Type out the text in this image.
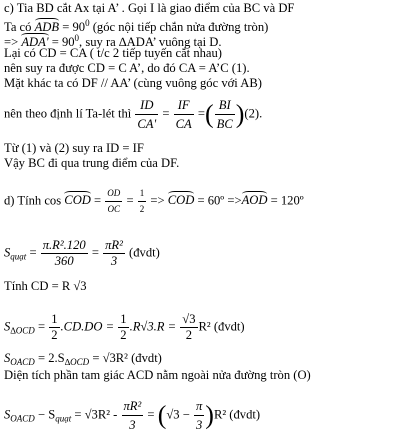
c) Tia BD cắt Ax tại A’ . Gọi I là giao điểm của BC và DF
Ta có ADB = $90^0$ (góc nội tiếp chắn nửa đường tròn)
=> $ADA' = 90^0$, suy ra ∆ADA’ vuông tại D.
Lại có CD = CA ( t/c 2 tiếp tuyến cắt nhau)
nên suy ra được CD = C A’, do đó CA = A’C (1).
Mặt khác ta có DF // AA’ (cùng vuông góc với AB)
nên theo định lí Ta-lét thì $\frac{ID}{CA'} = \frac{IF}{CA}$ =( $\frac{BI}{BC} )(2)$.
Từ (1) và (2) suy ra ID = IF
Vậy BC đi qua trung điểm của DF.
d) Tính cos COD = $\frac{OD}{OC} = \frac{1}{2}$ => COD = 60º =>AOD = 120º
$S_{quạt} = \frac{\text{π.R².120}}{360} = \frac{\text{πR²}}{3}$ (đvdt)
Tính CD = R √3
$S_{\Delta OCD} = \frac{1}{2} .CD.DO = \frac{1}{2} .R√3.R = \frac{√3}{2} R^2$ (đvdt)
$S_{OACD} = 2.S_{\Delta OCD} = √3R^2$ (đvdt)
Diện tích phần tam giác ACD nằm ngoài nửa đường tròn (O)
$S_{OACD} - S_{quạt} = √3R^2 - \frac{\text{πR²}}{3} = (√3 - \frac{\pi}{3} )R^2$ (đvdt)
